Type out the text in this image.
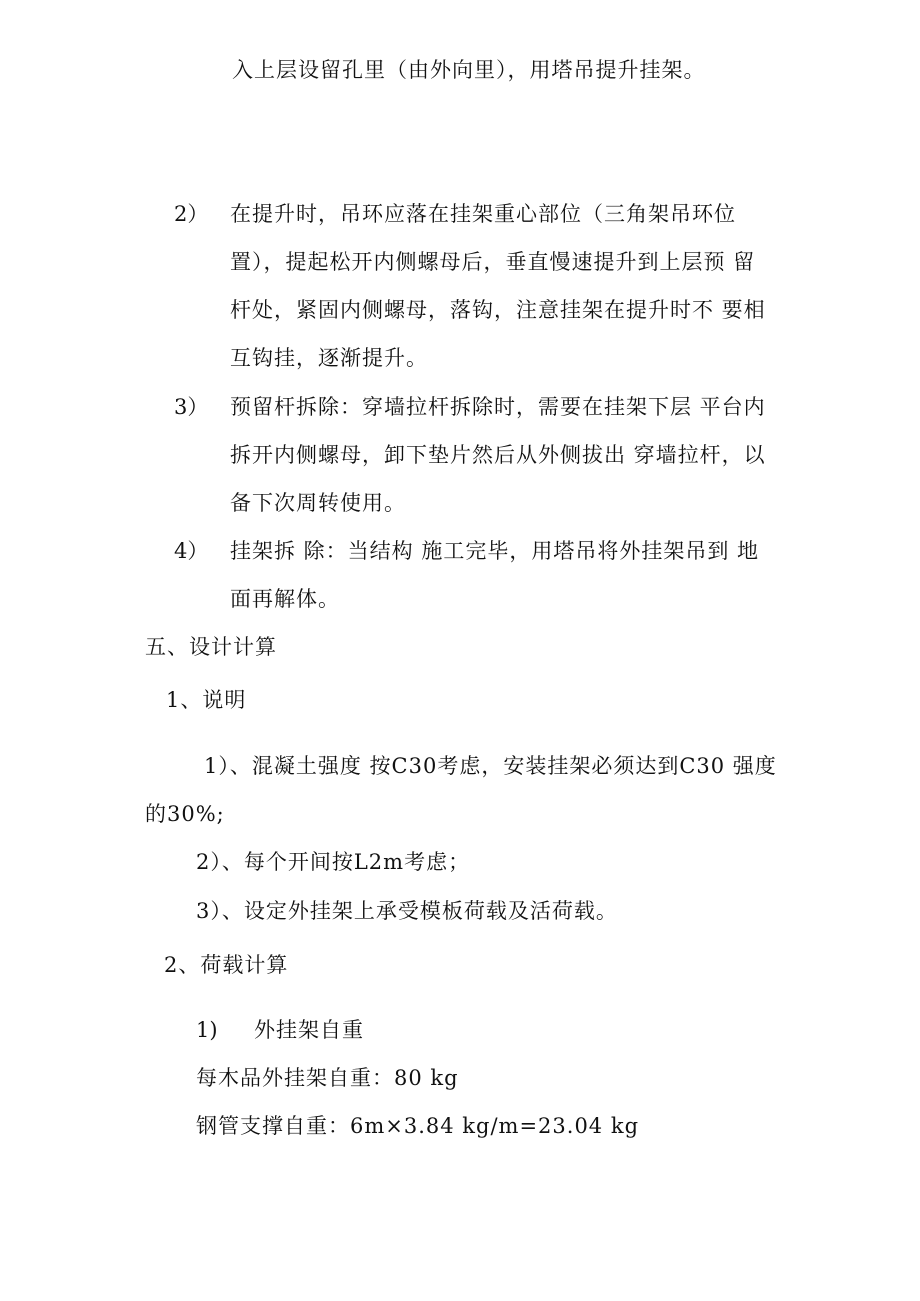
入上层设留孔里（由外向里），用塔吊提升挂架。
2） 在提升时，吊环应落在挂架重心部位（三角架吊环位
置），提起松开内侧螺母后，垂直慢速提升到上层预 留
杆处，紧固内侧螺母，落钩，注意挂架在提升时不 要相
互钩挂，逐渐提升。
3） 预留杆拆除：穿墙拉杆拆除时，需要在挂架下层 平台内
拆开内侧螺母，卸下垫片然后从外侧拔出 穿墙拉杆，以
备下次周转使用。
4） 挂架拆 除：当结构 施工完毕，用塔吊将外挂架吊到 地
面再解体。
五、设计计算
1、说明
1）、混凝土强度 按C30考虑，安装挂架必须达到C30 强度
的30%;
2）、每个开间按L2m考虑；
3）、设定外挂架上承受模板荷载及活荷载。
2、荷载计算
1) 外挂架自重
每木品外挂架自重：80 kg
钢管支撑自重：6m×3.84 kg/m=23.04 kg
